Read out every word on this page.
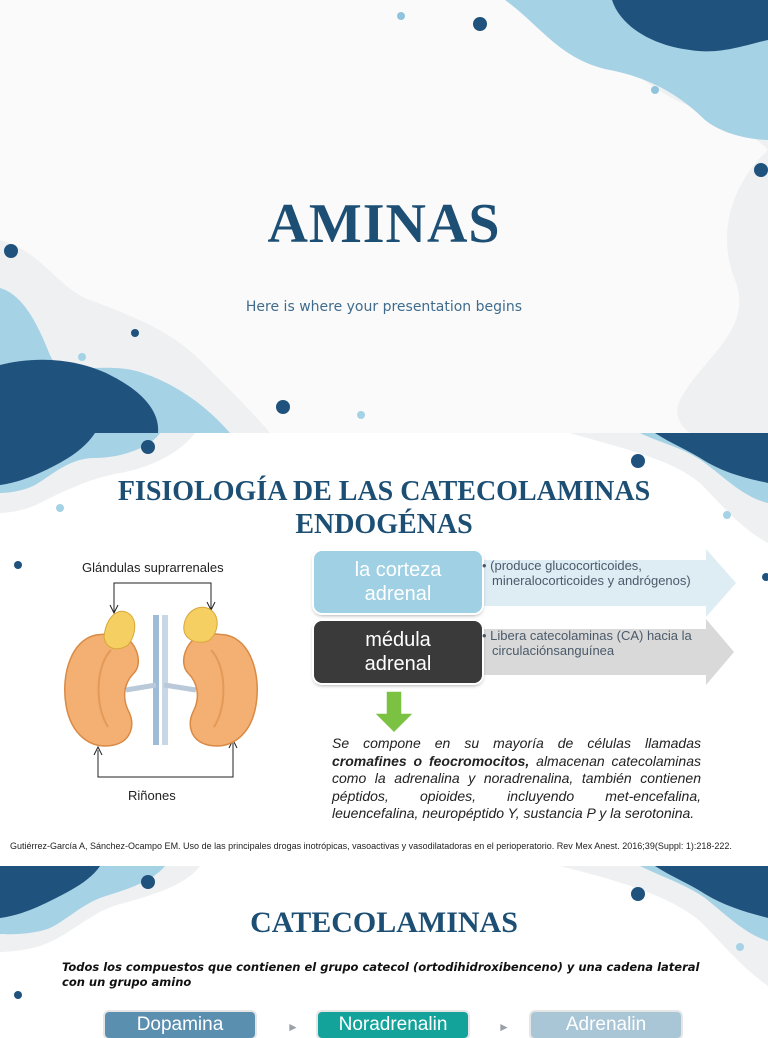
AMINAS
Here is where your presentation begins
FISIOLOGÍA DE LAS CATECOLAMINAS
ENDOGÉNAS
Glándulas suprarrenales
Riñones
la corteza
adrenal
• (produce glucocorticoides,
mineralocorticoides y andrógenos)
médula
adrenal
• Libera catecolaminas (CA) hacia la
circulaciónsanguínea
Se compone en su mayoría de células llamadas cromafines o feocromocitos, almacenan catecolaminas como la adrenalina y noradrenalina, también contienen péptidos, opioides, incluyendo met-encefalina, leuencefalina, neuropéptido Y, sustancia P y la serotonina.
Gutiérrez-García A, Sánchez-Ocampo EM. Uso de las principales drogas inotrópicas, vasoactivas y vasodilatadoras en el perioperatorio. Rev Mex Anest. 2016;39(Suppl: 1):218-222.
CATECOLAMINAS
Todos los compuestos que contienen el grupo catecol (ortodihidroxibenceno) y una cadena lateral con un grupo amino
Dopamina	►	Noradrenalin	►	Adrenalin
